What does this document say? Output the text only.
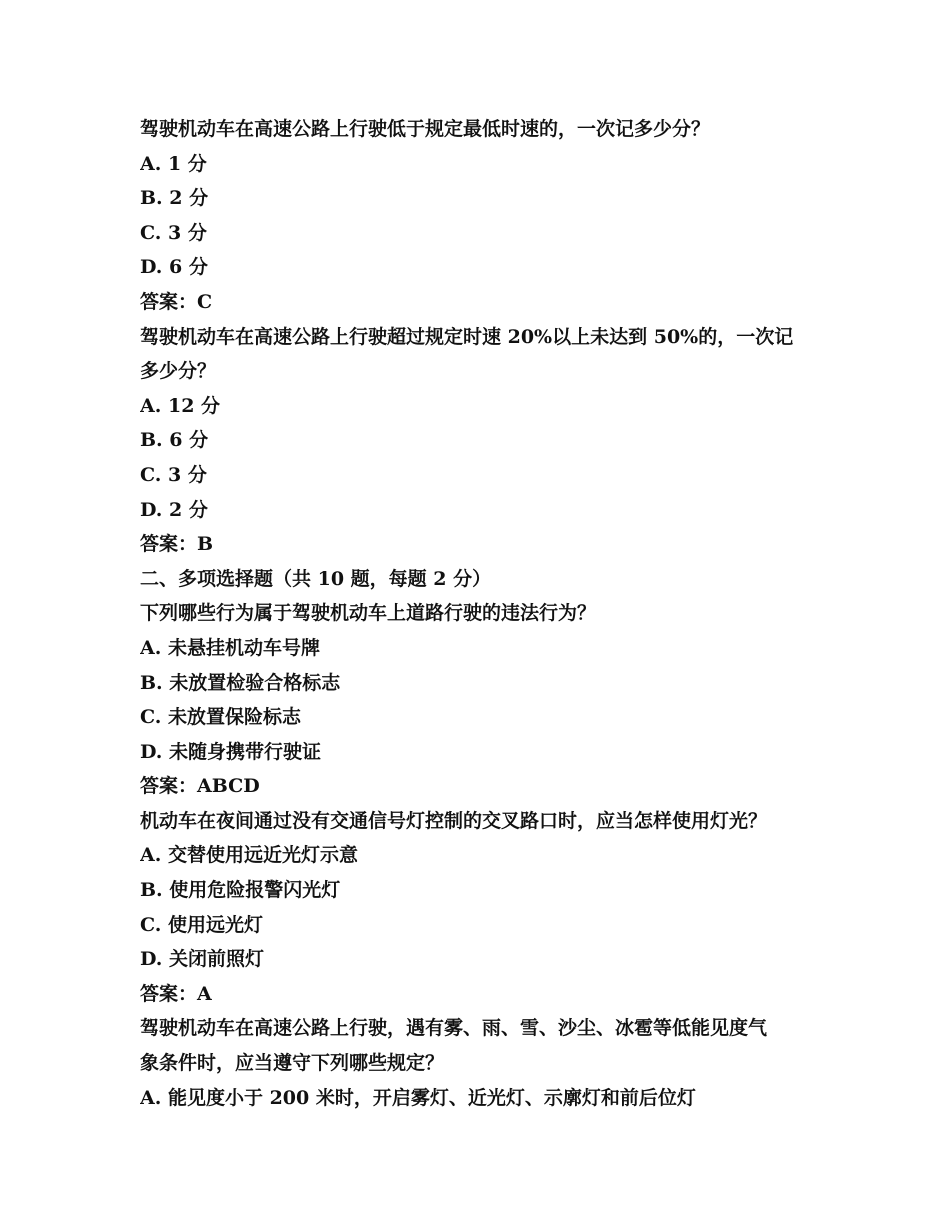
驾驶机动车在高速公路上行驶低于规定最低时速的，一次记多少分？
A. 1 分
B. 2 分
C. 3 分
D. 6 分
答案：C
驾驶机动车在高速公路上行驶超过规定时速 20%以上未达到 50%的，一次记
多少分？
A. 12 分
B. 6 分
C. 3 分
D. 2 分
答案：B
二、多项选择题（共 10 题，每题 2 分）
下列哪些行为属于驾驶机动车上道路行驶的违法行为？
A. 未悬挂机动车号牌
B. 未放置检验合格标志
C. 未放置保险标志
D. 未随身携带行驶证
答案：ABCD
机动车在夜间通过没有交通信号灯控制的交叉路口时，应当怎样使用灯光？
A. 交替使用远近光灯示意
B. 使用危险报警闪光灯
C. 使用远光灯
D. 关闭前照灯
答案：A
驾驶机动车在高速公路上行驶，遇有雾、雨、雪、沙尘、冰雹等低能见度气
象条件时，应当遵守下列哪些规定？
A. 能见度小于 200 米时，开启雾灯、近光灯、示廓灯和前后位灯
